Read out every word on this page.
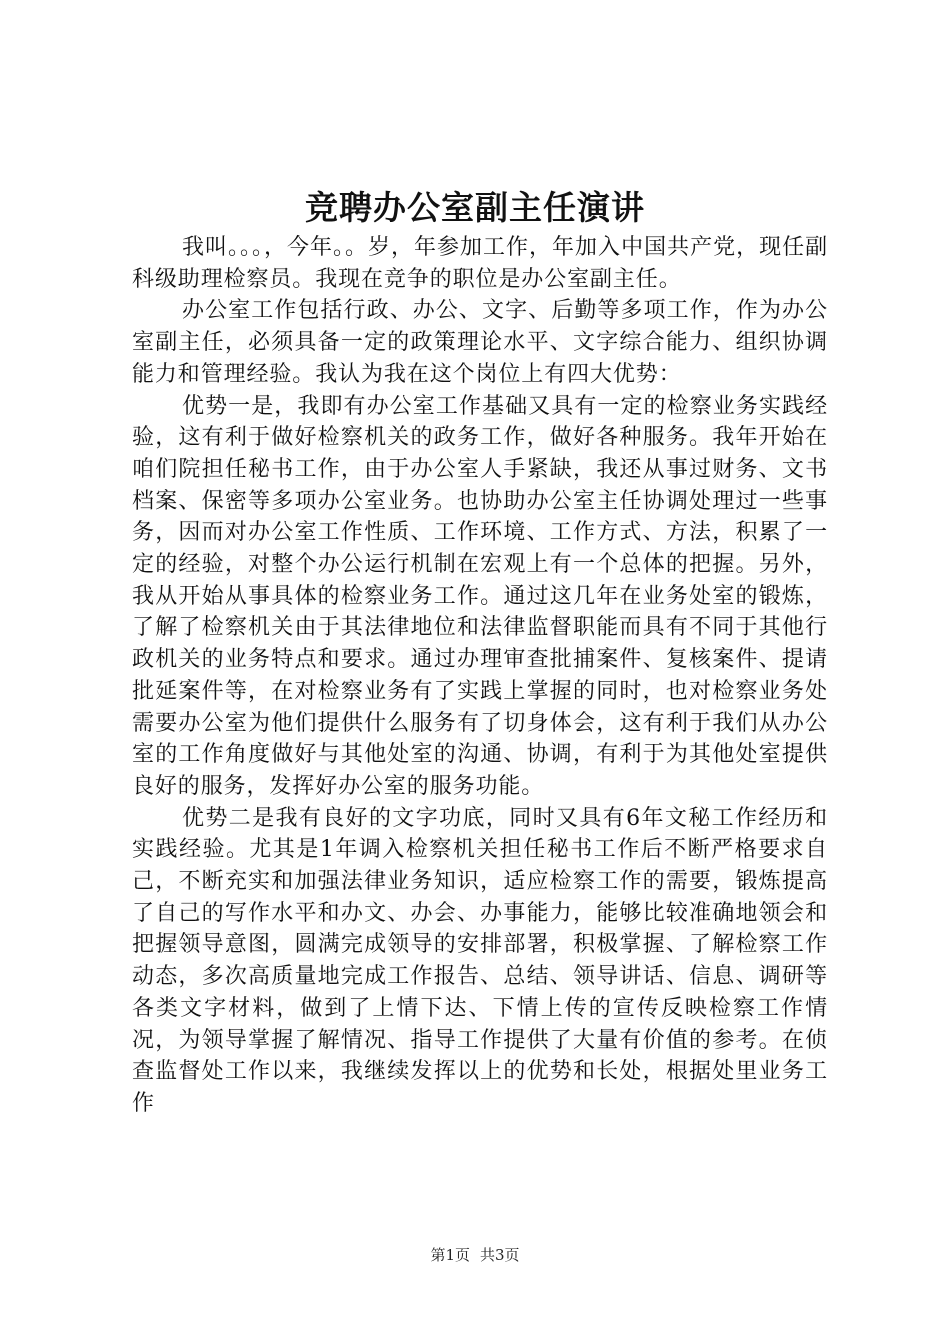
竞聘办公室副主任演讲

我叫。。。，今年。。岁，年参加工作，年加入中国共产党，现任副科级助理检察员。我现在竞争的职位是办公室副主任。

办公室工作包括行政、办公、文字、后勤等多项工作，作为办公室副主任，必须具备一定的政策理论水平、文字综合能力、组织协调能力和管理经验。我认为我在这个岗位上有四大优势：

优势一是，我即有办公室工作基础又具有一定的检察业务实践经验，这有利于做好检察机关的政务工作，做好各种服务。我年开始在咱们院担任秘书工作，由于办公室人手紧缺，我还从事过财务、文书档案、保密等多项办公室业务。也协助办公室主任协调处理过一些事务，因而对办公室工作性质、工作环境、工作方式、方法，积累了一定的经验，对整个办公运行机制在宏观上有一个总体的把握。另外，我从开始从事具体的检察业务工作。通过这几年在业务处室的锻炼，了解了检察机关由于其法律地位和法律监督职能而具有不同于其他行政机关的业务特点和要求。通过办理审查批捕案件、复核案件、提请批延案件等，在对检察业务有了实践上掌握的同时，也对检察业务处需要办公室为他们提供什么服务有了切身体会，这有利于我们从办公室的工作角度做好与其他处室的沟通、协调，有利于为其他处室提供良好的服务，发挥好办公室的服务功能。

优势二是我有良好的文字功底，同时又具有6年文秘工作经历和实践经验。尤其是1年调入检察机关担任秘书工作后不断严格要求自己，不断充实和加强法律业务知识，适应检察工作的需要，锻炼提高了自己的写作水平和办文、办会、办事能力，能够比较准确地领会和把握领导意图，圆满完成领导的安排部署，积极掌握、了解检察工作动态，多次高质量地完成工作报告、总结、领导讲话、信息、调研等各类文字材料，做到了上情下达、下情上传的宣传反映检察工作情况，为领导掌握了解情况、指导工作提供了大量有价值的参考。在侦查监督处工作以来，我继续发挥以上的优势和长处，根据处里业务工作

第1页 共3页
